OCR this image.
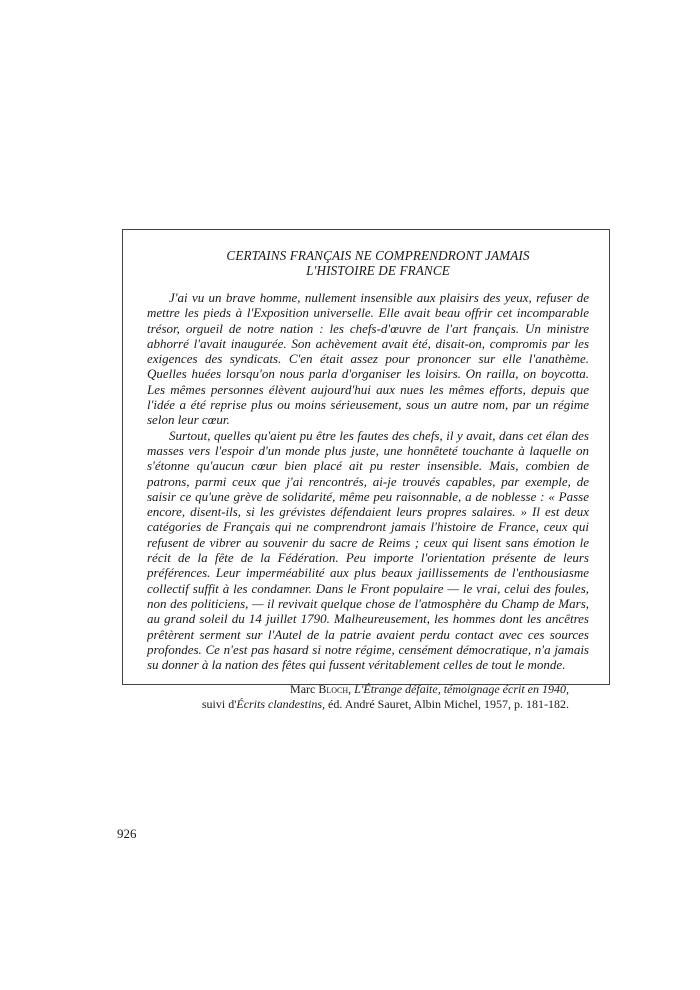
CERTAINS FRANÇAIS NE COMPRENDRONT JAMAIS
L'HISTOIRE DE FRANCE

J'ai vu un brave homme, nullement insensible aux plaisirs des yeux, refuser de mettre les pieds à l'Exposition universelle. Elle avait beau offrir cet incomparable trésor, orgueil de notre nation : les chefs-d'œuvre de l'art français. Un ministre abhorré l'avait inaugurée. Son achèvement avait été, disait-on, compromis par les exigences des syndicats. C'en était assez pour prononcer sur elle l'anathème. Quelles huées lorsqu'on nous parla d'organiser les loisirs. On railla, on boycotta. Les mêmes personnes élèvent aujourd'hui aux nues les mêmes efforts, depuis que l'idée a été reprise plus ou moins sérieusement, sous un autre nom, par un régime selon leur cœur.

Surtout, quelles qu'aient pu être les fautes des chefs, il y avait, dans cet élan des masses vers l'espoir d'un monde plus juste, une honnêteté touchante à laquelle on s'étonne qu'aucun cœur bien placé ait pu rester insensible. Mais, combien de patrons, parmi ceux que j'ai rencontrés, ai-je trouvés capables, par exemple, de saisir ce qu'une grève de solidarité, même peu raisonnable, a de noblesse : « Passe encore, disent-ils, si les grévistes défendaient leurs propres salaires. » Il est deux catégories de Français qui ne comprendront jamais l'histoire de France, ceux qui refusent de vibrer au souvenir du sacre de Reims ; ceux qui lisent sans émotion le récit de la fête de la Fédération. Peu importe l'orientation présente de leurs préférences. Leur imperméabilité aux plus beaux jaillissements de l'enthousiasme collectif suffit à les condamner. Dans le Front populaire — le vrai, celui des foules, non des politiciens, — il revivait quelque chose de l'atmosphère du Champ de Mars, au grand soleil du 14 juillet 1790. Malheureusement, les hommes dont les ancêtres prêtèrent serment sur l'Autel de la patrie avaient perdu contact avec ces sources profondes. Ce n'est pas hasard si notre régime, censément démocratique, n'a jamais su donner à la nation des fêtes qui fussent véritablement celles de tout le monde.

Marc Bloch, L'Étrange défaite, témoignage écrit en 1940,
suivi d'Écrits clandestins, éd. André Sauret, Albin Michel, 1957, p. 181-182.
926
